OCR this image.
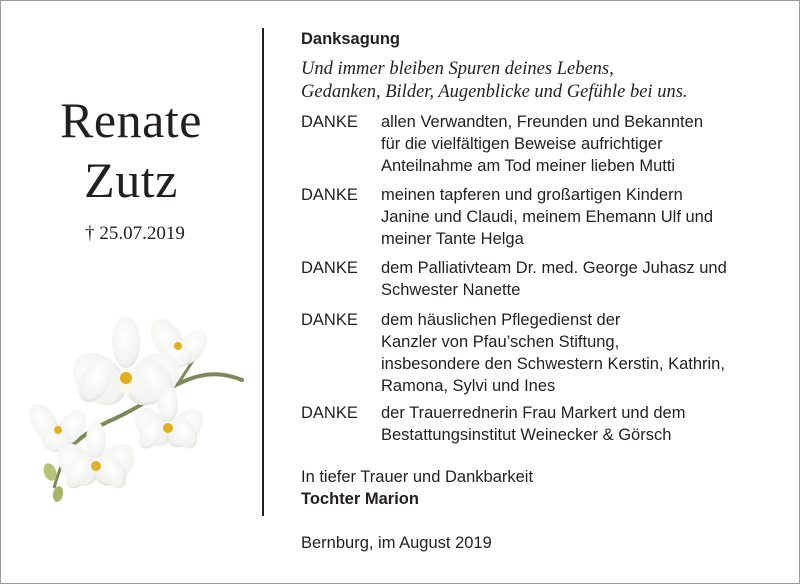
Renate
Zutz
† 25.07.2019
Danksagung
Und immer bleiben Spuren deines Lebens,
Gedanken, Bilder, Augenblicke und Gefühle bei uns.
DANKE allen Verwandten, Freunden und Bekannten
für die vielfältigen Beweise aufrichtiger
Anteilnahme am Tod meiner lieben Mutti
DANKE meinen tapferen und großartigen Kindern
Janine und Claudi, meinem Ehemann Ulf und
meiner Tante Helga
DANKE dem Palliativteam Dr. med. George Juhasz und
Schwester Nanette
DANKE dem häuslichen Pflegedienst der
Kanzler von Pfau’schen Stiftung,
insbesondere den Schwestern Kerstin, Kathrin,
Ramona, Sylvi und Ines
DANKE der Trauerrednerin Frau Markert und dem
Bestattungsinstitut Weinecker & Görsch
In tiefer Trauer und Dankbarkeit
Tochter Marion
Bernburg, im August 2019
